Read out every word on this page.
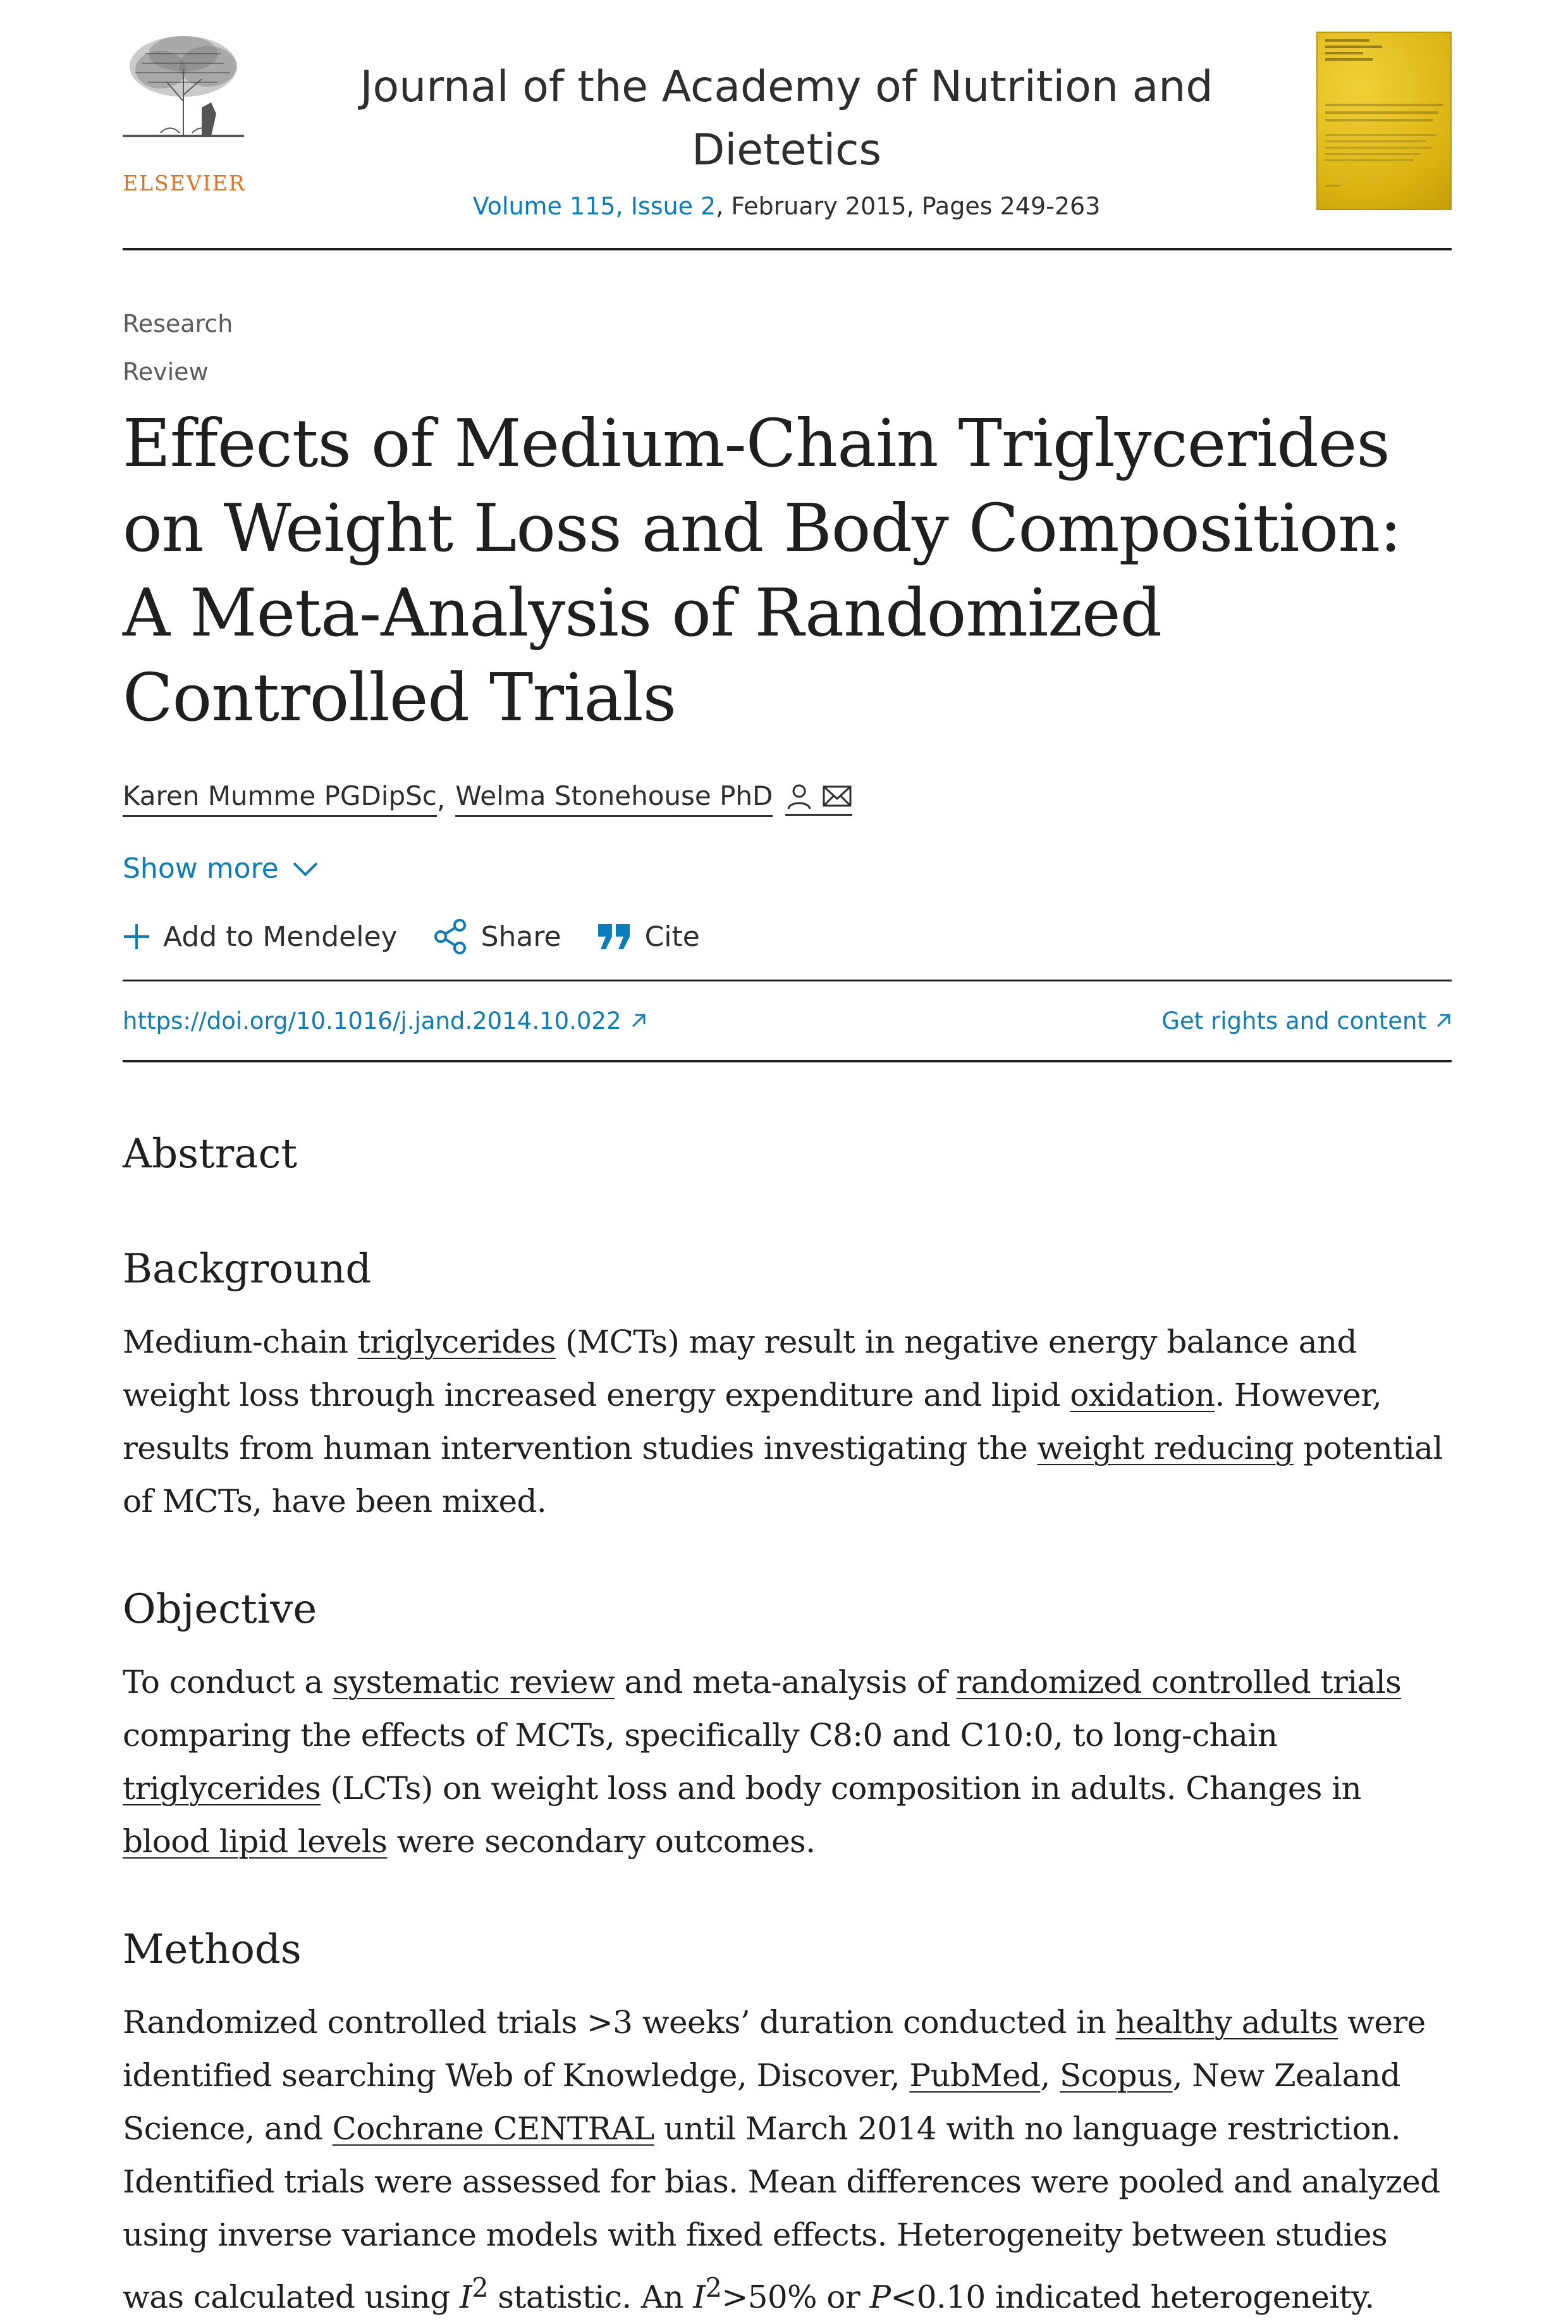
ELSEVIER
Journal of the Academy of Nutrition and
Dietetics
Volume 115, Issue 2, February 2015, Pages 249-263
Research
Review
Effects of Medium-Chain Triglycerides on Weight Loss and Body Composition: A Meta-Analysis of Randomized Controlled Trials
Karen Mumme PGDipSc , Welma Stonehouse PhD
Show more
Add to Mendeley	Share	Cite
https://doi.org/10.1016/j.jand.2014.10.022	Get rights and content
Abstract
Background

Medium-chain triglycerides (MCTs) may result in negative energy balance and weight loss through increased energy expenditure and lipid oxidation. However, results from human intervention studies investigating the weight reducing potential of MCTs, have been mixed.

Objective

To conduct a systematic review and meta-analysis of randomized controlled trials comparing the effects of MCTs, specifically C8:0 and C10:0, to long-chain triglycerides (LCTs) on weight loss and body composition in adults. Changes in blood lipid levels were secondary outcomes.

Methods

Randomized controlled trials >3 weeks’ duration conducted in healthy adults were identified searching Web of Knowledge, Discover, PubMed, Scopus, New Zealand Science, and Cochrane CENTRAL until March 2014 with no language restriction. Identified trials were assessed for bias. Mean differences were pooled and analyzed using inverse variance models with fixed effects. Heterogeneity between studies was calculated using $I^2$ statistic. An $I^2>50\%$ or P<0.10 indicated heterogeneity.
